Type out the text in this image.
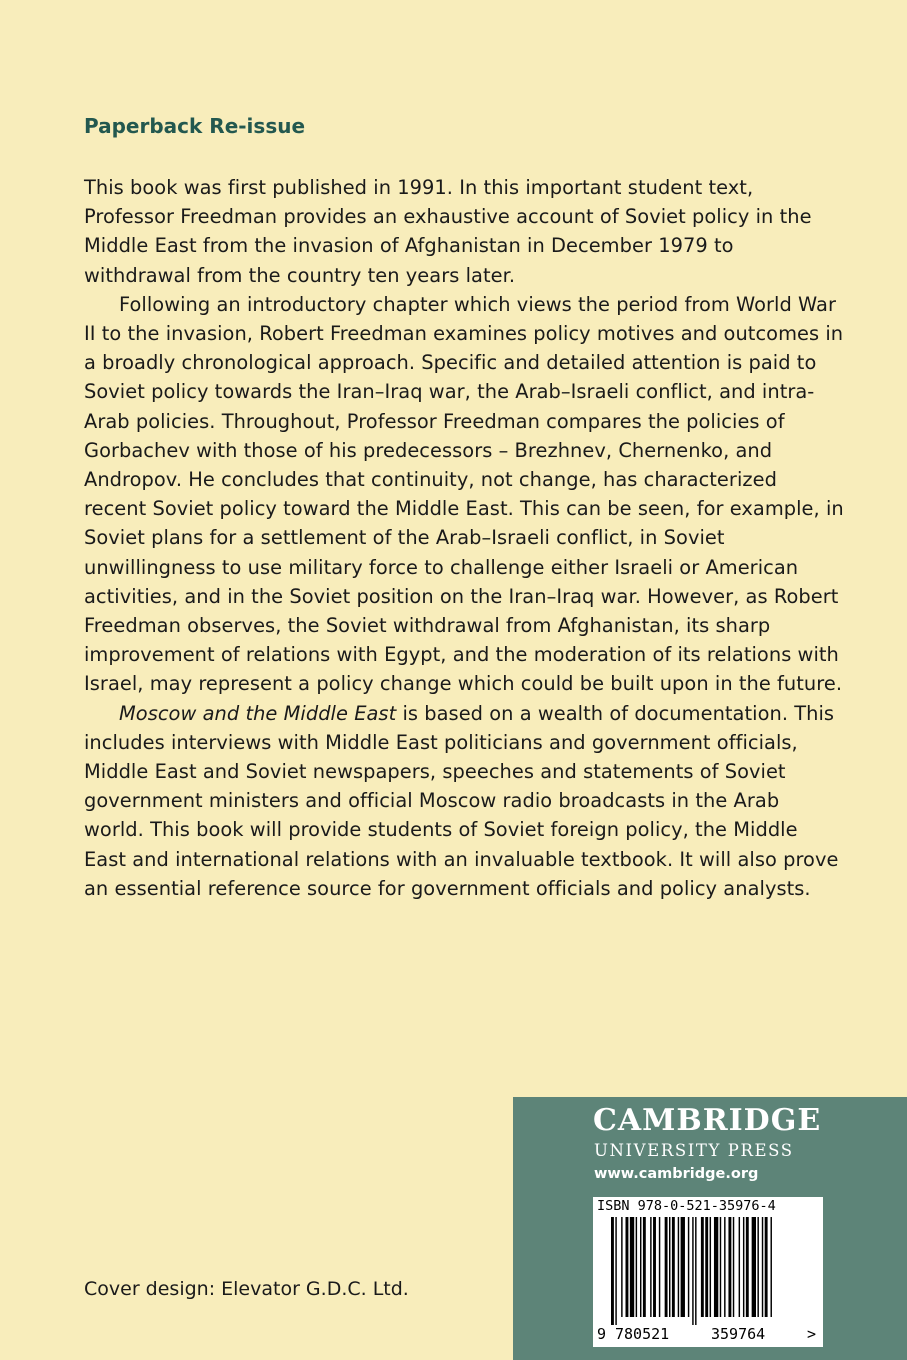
Paperback Re-issue

This book was first published in 1991. In this important student text, Professor Freedman provides an exhaustive account of Soviet policy in the Middle East from the invasion of Afghanistan in December 1979 to withdrawal from the country ten years later.

Following an introductory chapter which views the period from World War II to the invasion, Robert Freedman examines policy motives and outcomes in a broadly chronological approach. Specific and detailed attention is paid to Soviet policy towards the Iran–Iraq war, the Arab–Israeli conflict, and intra-Arab policies. Throughout, Professor Freedman compares the policies of Gorbachev with those of his predecessors – Brezhnev, Chernenko, and Andropov. He concludes that continuity, not change, has characterized recent Soviet policy toward the Middle East. This can be seen, for example, in Soviet plans for a settlement of the Arab–Israeli conflict, in Soviet unwillingness to use military force to challenge either Israeli or American activities, and in the Soviet position on the Iran–Iraq war. However, as Robert Freedman observes, the Soviet withdrawal from Afghanistan, its sharp improvement of relations with Egypt, and the moderation of its relations with Israel, may represent a policy change which could be built upon in the future.

Moscow and the Middle East is based on a wealth of documentation. This includes interviews with Middle East politicians and government officials, Middle East and Soviet newspapers, speeches and statements of Soviet government ministers and official Moscow radio broadcasts in the Arab world. This book will provide students of Soviet foreign policy, the Middle East and international relations with an invaluable textbook. It will also prove an essential reference source for government officials and policy analysts.

Cover design: Elevator G.D.C. Ltd.
CAMBRIDGE
UNIVERSITY PRESS
www.cambridge.org
ISBN 978-0-521-35976-4
9 780521	359764	>
